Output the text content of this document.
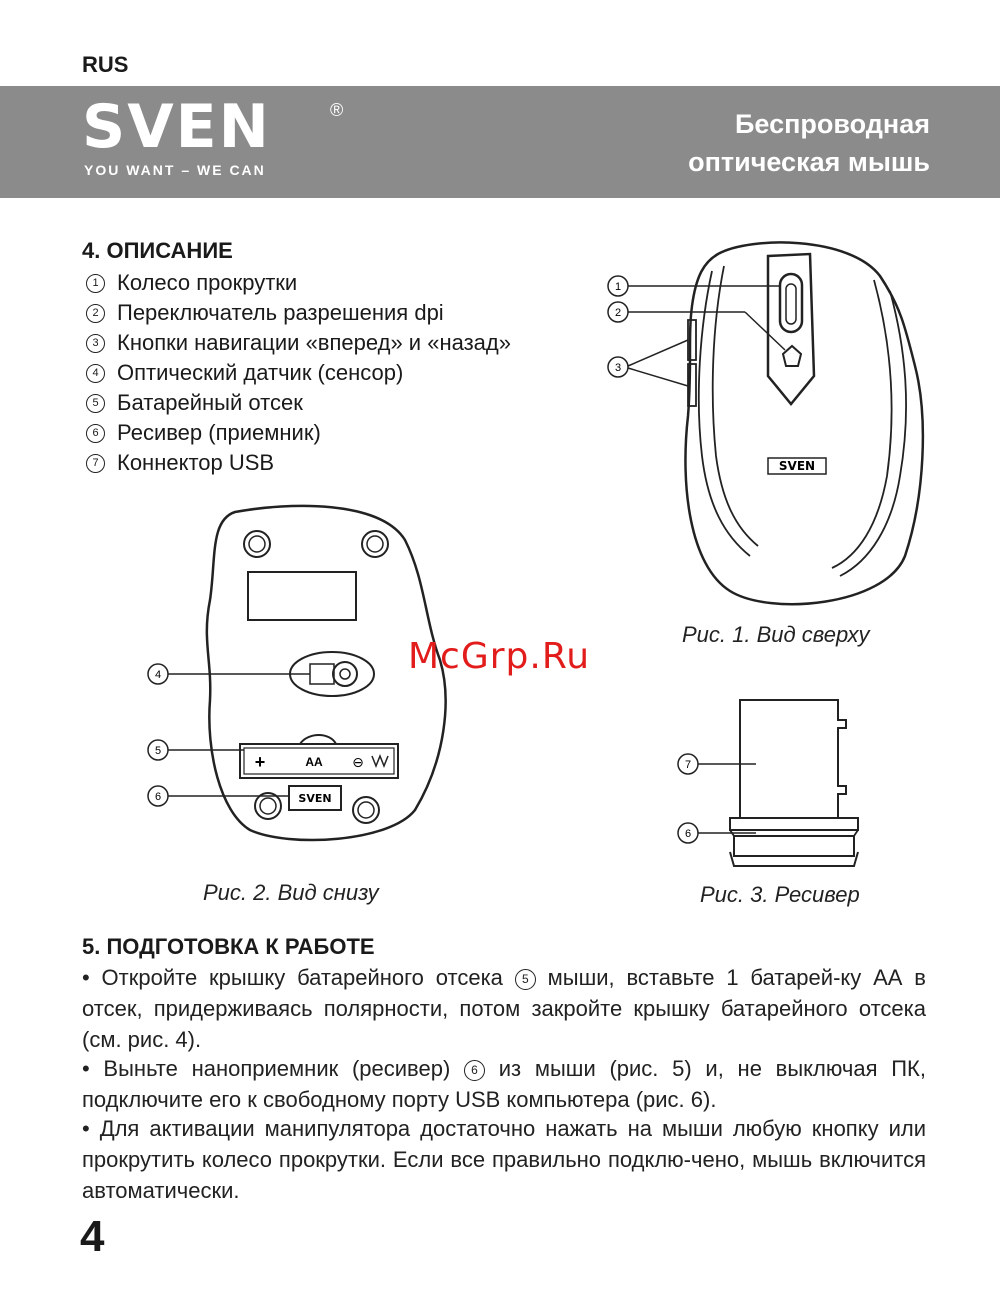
RUS
SVEN	®
YOU WANT – WE CAN
Беспроводная
оптическая мышь
4. ОПИСАНИЕ
1 Колесо прокрутки
2 Переключатель разрешения dpi
3 Кнопки навигации «вперед» и «назад»
4 Оптический датчик (сенсор)
5 Батарейный отсек
6 Ресивер (приемник)
7 Коннектор USB	SVEN
1
2
3
Рис. 1. Вид сверху
+	AA ⊖
SVEN
4
5
6
Рис. 2. Вид снизу
McGrp.Ru
7
6
Рис. 3. Ресивер
5. ПОДГОТОВКА К РАБОТЕ
• Откройте крышку батарейного отсека 5 мыши, вставьте 1 батарей-ку АА в отсек, придерживаясь полярности, потом закройте крышку батарейного отсека (см. рис. 4).
• Выньте наноприемник (ресивер) 6 из мыши (рис. 5) и, не выключая ПК, подключите его к свободному порту USB компьютера (рис. 6).
• Для активации манипулятора достаточно нажать на мыши любую кнопку или прокрутить колесо прокрутки. Если все правильно подклю-чено, мышь включится автоматически.
4
